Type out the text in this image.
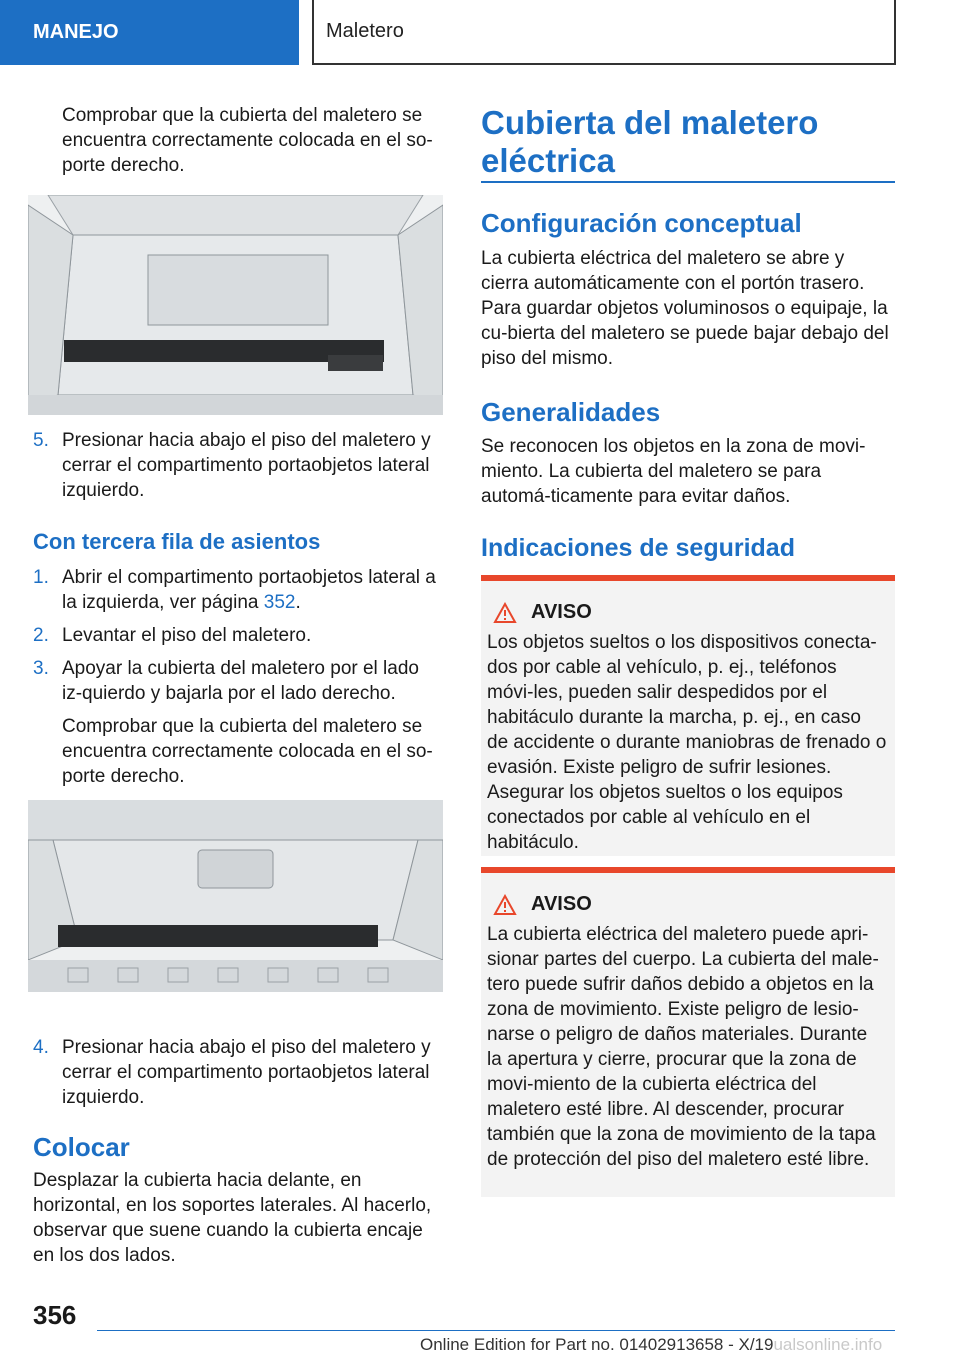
MANEJO	Maletero

Comprobar que la cubierta del maletero se encuentra correctamente colocada en el so-porte derecho.

5. Presionar hacia abajo el piso del maletero y cerrar el compartimento portaobjetos lateral izquierdo.

Con tercera fila de asientos

1. Abrir el compartimento portaobjetos lateral a la izquierda, ver página 352.
2. Levantar el piso del maletero.
3. Apoyar la cubierta del maletero por el lado iz-quierdo y bajarla por el lado derecho.

Comprobar que la cubierta del maletero se encuentra correctamente colocada en el so-porte derecho.

4. Presionar hacia abajo el piso del maletero y cerrar el compartimento portaobjetos lateral izquierdo.

Colocar

Desplazar la cubierta hacia delante, en horizontal, en los soportes laterales. Al hacerlo, observar que suene cuando la cubierta encaje en los dos lados.

Cubierta del maletero eléctrica

Configuración conceptual

La cubierta eléctrica del maletero se abre y cierra automáticamente con el portón trasero. Para guardar objetos voluminosos o equipaje, la cu-bierta del maletero se puede bajar debajo del piso del mismo.

Generalidades

Se reconocen los objetos en la zona de movi-miento. La cubierta del maletero se para automá-ticamente para evitar daños.

Indicaciones de seguridad

AVISO

Los objetos sueltos o los dispositivos conecta-dos por cable al vehículo, p. ej., teléfonos móvi-les, pueden salir despedidos por el habitáculo durante la marcha, p. ej., en caso de accidente o durante maniobras de frenado o evasión. Existe peligro de sufrir lesiones. Asegurar los objetos sueltos o los equipos conectados por cable al vehículo en el habitáculo.

AVISO

La cubierta eléctrica del maletero puede apri-sionar partes del cuerpo. La cubierta del male-tero puede sufrir daños debido a objetos en la zona de movimiento. Existe peligro de lesio-narse o peligro de daños materiales. Durante la apertura y cierre, procurar que la zona de movi-miento de la cubierta eléctrica del maletero esté libre. Al descender, procurar también que la zona de movimiento de la tapa de protección del piso del maletero esté libre.

356
Online Edition for Part no. 01402913658 - X/19ualsonline.info
